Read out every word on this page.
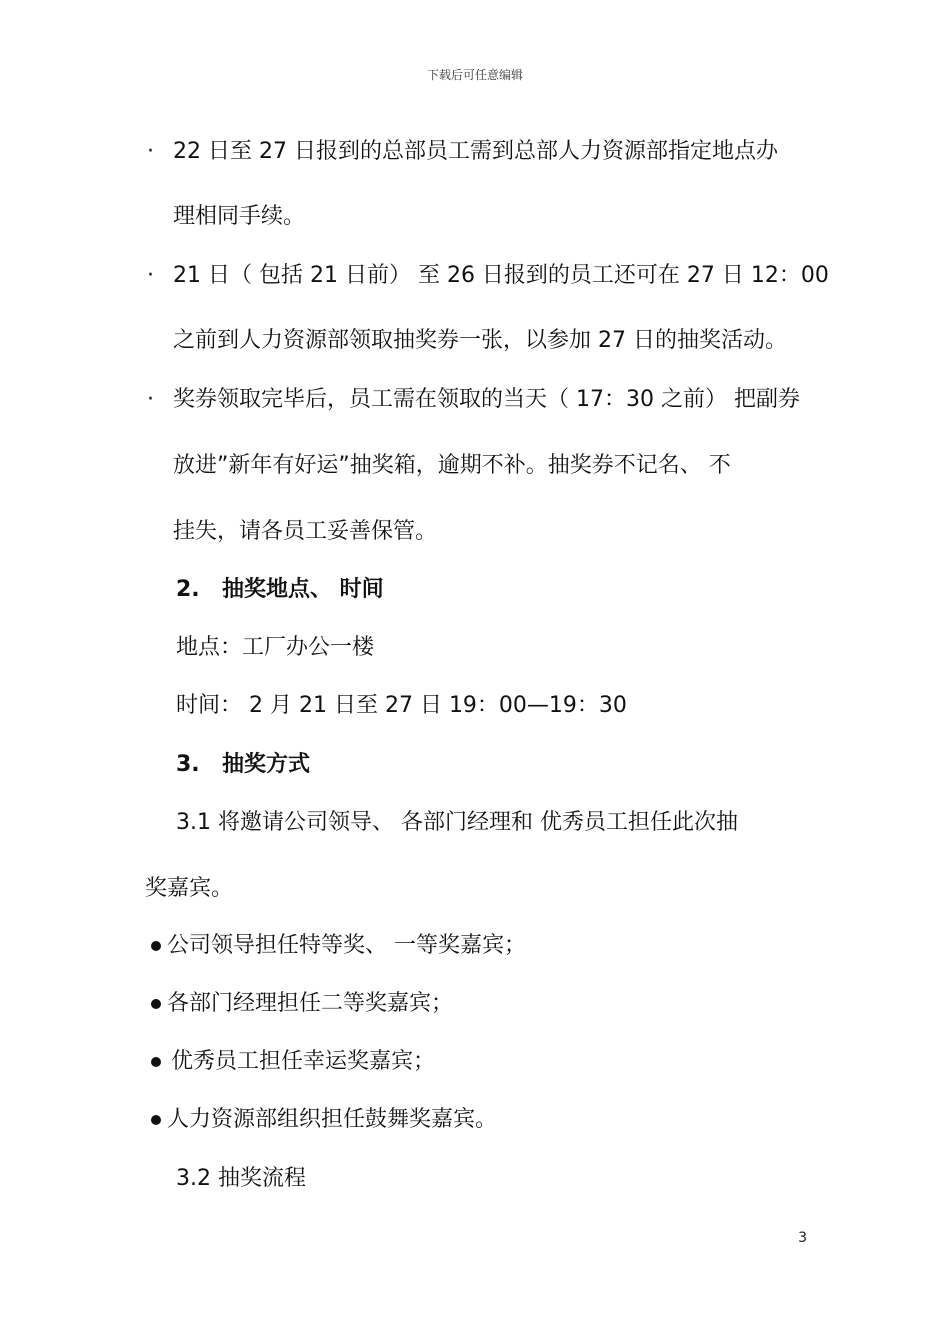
下载后可任意编辑
· 22 日至 27 日报到的总部员工需到总部人力资源部指定地点办
理相同手续。
· 21 日（ 包括 21 日前） 至 26 日报到的员工还可在 27 日 12：00
之前到人力资源部领取抽奖券一张，以参加 27 日的抽奖活动。
· 奖券领取完毕后，员工需在领取的当天（ 17：30 之前） 把副券
放进”新年有好运”抽奖箱，逾期不补。抽奖券不记名、 不
挂失，请各员工妥善保管。
2. 抽奖地点、 时间
地点：工厂办公一楼
时间： 2 月 21 日至 27 日 19：00—19：30
3. 抽奖方式
3.1 将邀请公司领导、 各部门经理和 优秀员工担任此次抽
奖嘉宾。
公司领导担任特等奖、 一等奖嘉宾；
各部门经理担任二等奖嘉宾；
优秀员工担任幸运奖嘉宾；
人力资源部组织担任鼓舞奖嘉宾。
3.2 抽奖流程
3
